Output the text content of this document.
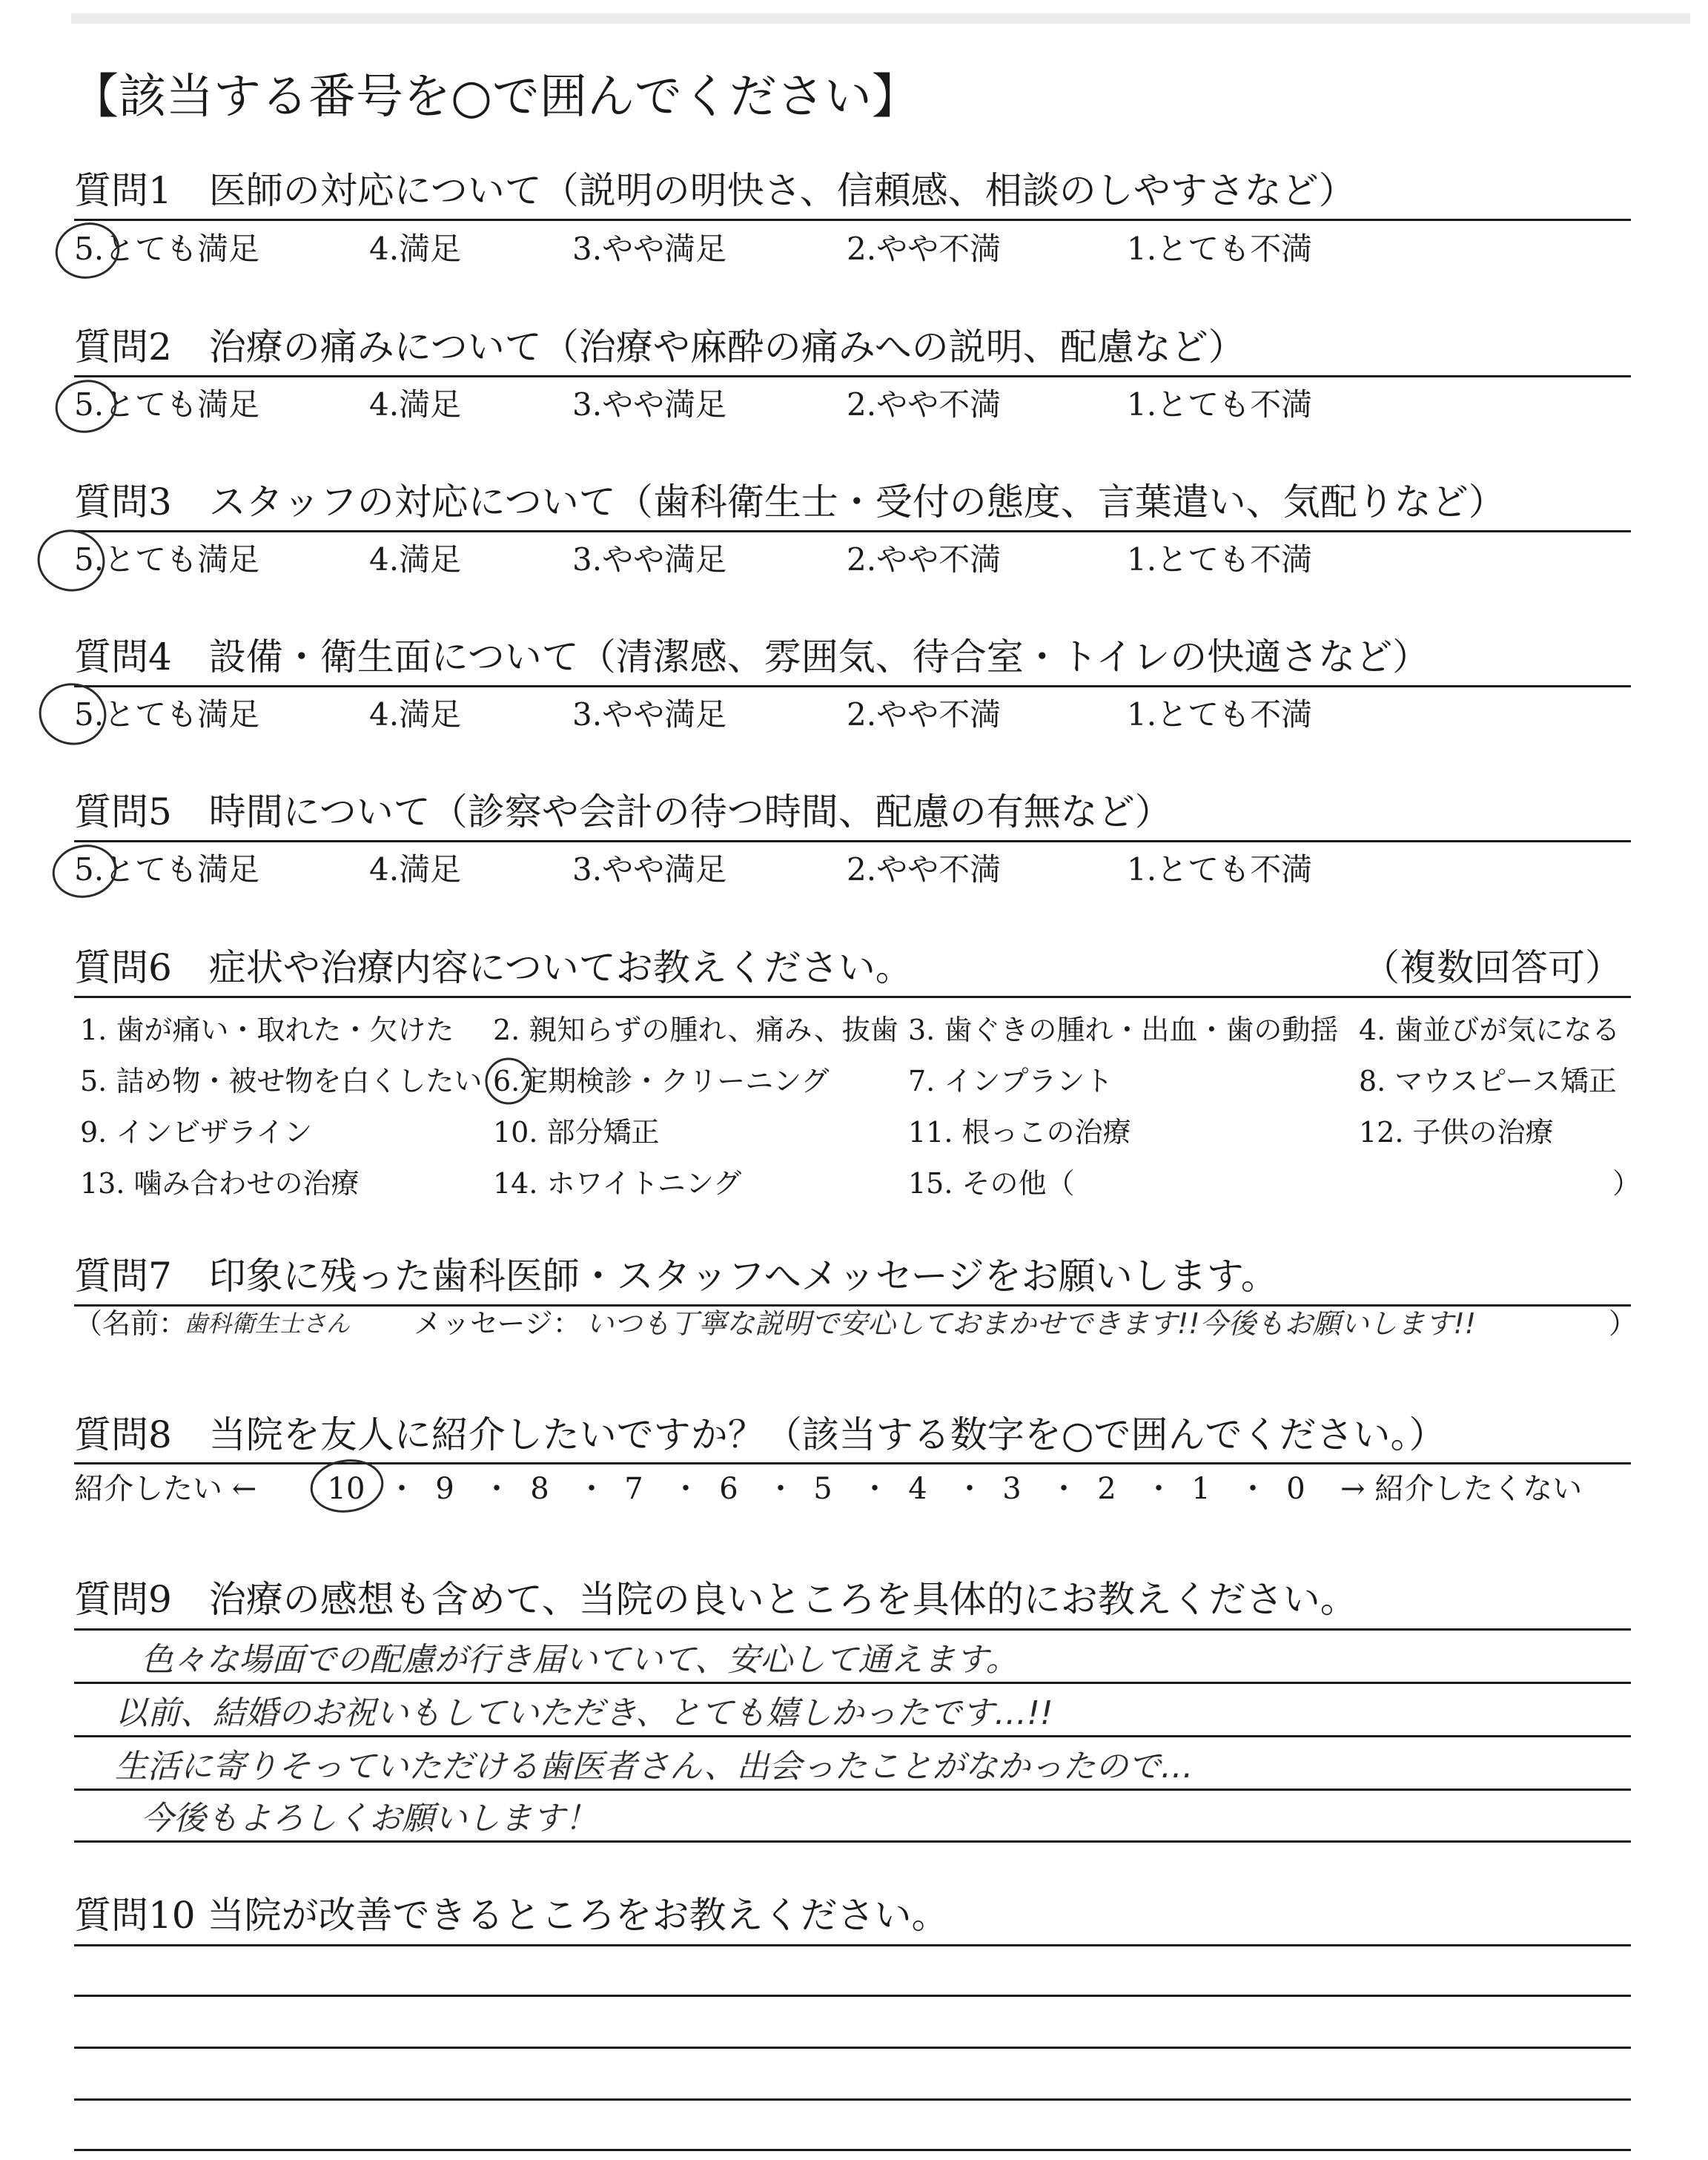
【該当する番号を○で囲んでください】
質問1　医師の対応について（説明の明快さ、信頼感、相談のしやすさなど）
5.とても満足	4.満足	3.やや満足	2.やや不満	1.とても不満
質問2　治療の痛みについて（治療や麻酔の痛みへの説明、配慮など）
5.とても満足	4.満足	3.やや満足	2.やや不満	1.とても不満
質問3　スタッフの対応について（歯科衛生士・受付の態度、言葉遣い、気配りなど）
5.とても満足	4.満足	3.やや満足	2.やや不満	1.とても不満
質問4　設備・衛生面について（清潔感、雰囲気、待合室・トイレの快適さなど）
5.とても満足	4.満足	3.やや満足	2.やや不満	1.とても不満
質問5　時間について（診察や会計の待つ時間、配慮の有無など）
5.とても満足	4.満足	3.やや満足	2.やや不満	1.とても不満
質問6　症状や治療内容についてお教えください。	（複数回答可）
1. 歯が痛い・取れた・欠けた 2. 親知らずの腫れ、痛み、抜歯 3. 歯ぐきの腫れ・出血・歯の動揺 4. 歯並びが気になる
5. 詰め物・被せ物を白くしたい 6.定期検診・クリーニング	7. インプラント	8. マウスピース矯正
9. インビザライン	10. 部分矯正	11. 根っこの治療	12. 子供の治療
13. 噛み合わせの治療	14. ホワイトニング	15. その他（	）
質問7　印象に残った歯科医師・スタッフへメッセージをお願いします。
（名前：
歯科衛生士さん メッセージ： いつも丁寧な説明で安心しておまかせできます!!今後もお願いします!!	）
質問8　当院を友人に紹介したいですか？（該当する数字を○で囲んでください。）
紹介したい ← 10 ・ 9 ・ 8 ・ 7 ・ 6 ・ 5 ・ 4 ・ 3 ・ 2 ・ 1 ・ 0	→ 紹介したくない
質問9　治療の感想も含めて、当院の良いところを具体的にお教えください。
色々な場面での配慮が行き届いていて、安心して通えます。
以前、結婚のお祝いもしていただき、とても嬉しかったです…!!
生活に寄りそっていただける歯医者さん、出会ったことがなかったので…
今後もよろしくお願いします！
質問10 当院が改善できるところをお教えください。
